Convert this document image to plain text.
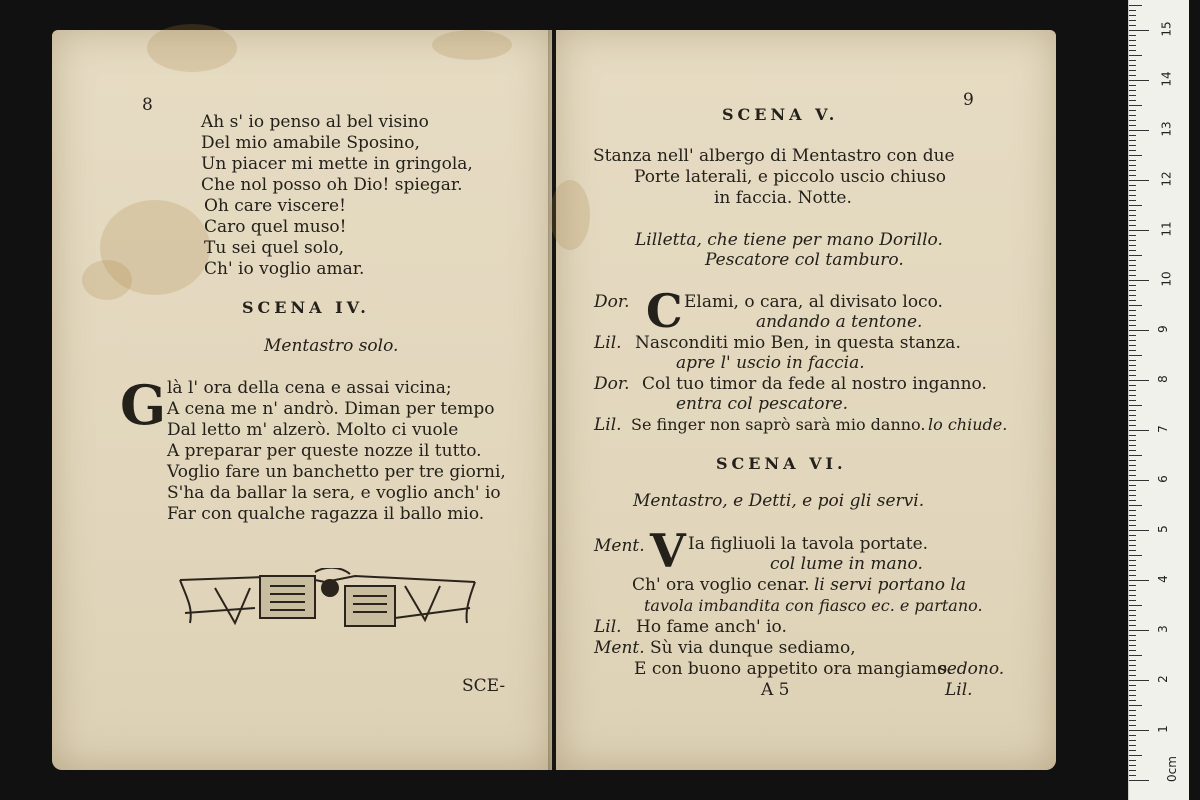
8
Ah s' io penso al bel visino
Del mio amabile Sposino,
Un piacer mi mette in gringola,
Che nol posso oh Dio! spiegar.
Oh care viscere!
Caro quel muso!
Tu sei quel solo,
Ch' io voglio amar.
SCENA IV.
Mentastro solo.
G là l' ora della cena e assai vicina;
A cena me n' andrò. Diman per tempo
Dal letto m' alzerò. Molto ci vuole
A preparar per queste nozze il tutto.
Voglio fare un banchetto per tre giorni,
S'ha da ballar la sera, e voglio anch' io
Far con qualche ragazza il ballo mio.
SCE-
9
SCENA V.
Stanza nell' albergo di Mentastro con due
Porte laterali, e piccolo uscio chiuso
in faccia. Notte.
Lilletta, che tiene per mano Dorillo.
Pescatore col tamburo.
Dor. C Elami, o cara, al divisato loco.
andando a tentone.
Lil. Nasconditi mio Ben, in questa stanza.
apre l' uscio in faccia.
Dor. Col tuo timor da fede al nostro inganno.
entra col pescatore.
Lil. Se finger non saprò sarà mio danno. lo chiude.
SCENA VI.
Mentastro, e Detti, e poi gli servi.
Ment. V Ia figliuoli la tavola portate.
col lume in mano.
Ch' ora voglio cenar. li servi portano la
tavola imbandita con fiasco ec. e partano.
Lil. Ho fame anch' io.
Ment. Sù via dunque sediamo,
E con buono appetito ora mangiamo.
sedono.
A 5	Lil.
0cm
1
2
3
4
5
6
7
8
9
10
11
12
13
14
15
